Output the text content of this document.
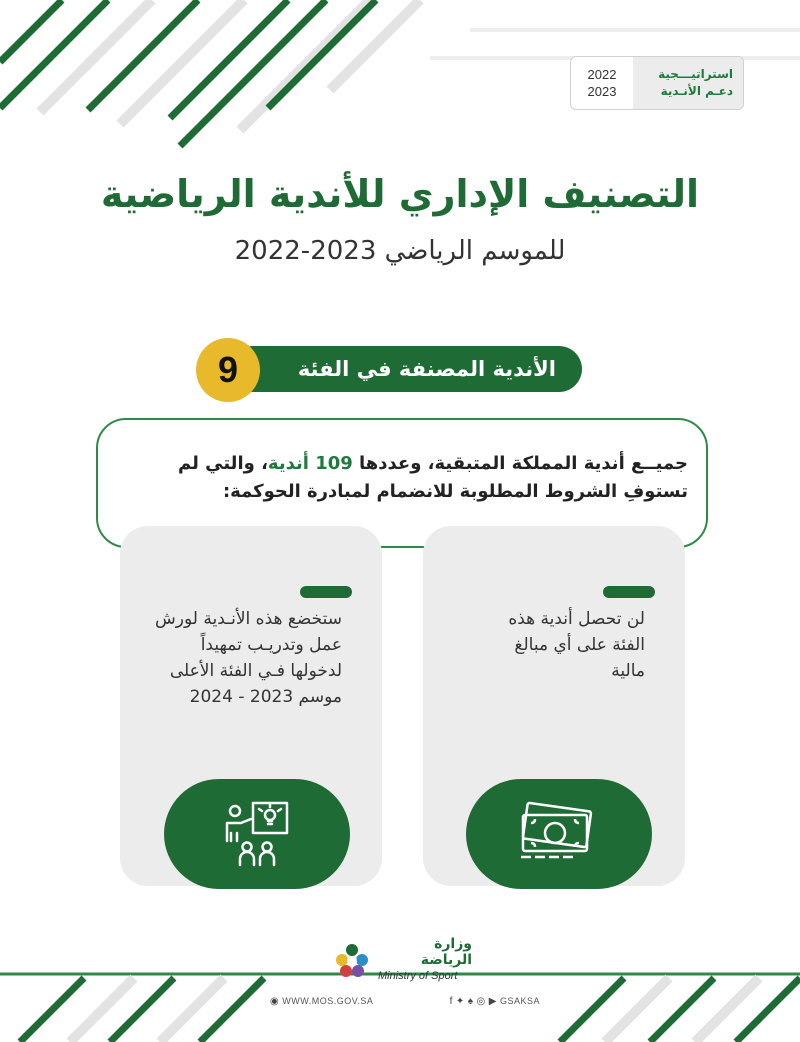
2022
2023
استراتيـــجية
دعـم الأنـدية
التصنيف الإداري للأندية الرياضية
للموسم الرياضي 2023-2022
الأندية المصنفة في الفئة
9
جميــع أندية المملكة المتبقية، وعددها 109 أندية، والتي لم تستوفِ الشروط المطلوبة للانضمام لمبادرة الحوكمة:
لن تحصل أندية هذه الفئة على أي مبالغ مالية
ستخضع هذه الأنـدية لورش عمل وتدريـب تمهيداً لدخولها فـي الفئة الأعلى موسم 2023 - 2024
وزارة الرياضة
Ministry of Sport
◉ WWW.MOS.GOV.SA	f ✦ ♠ ◎ ▶ GSAKSA
